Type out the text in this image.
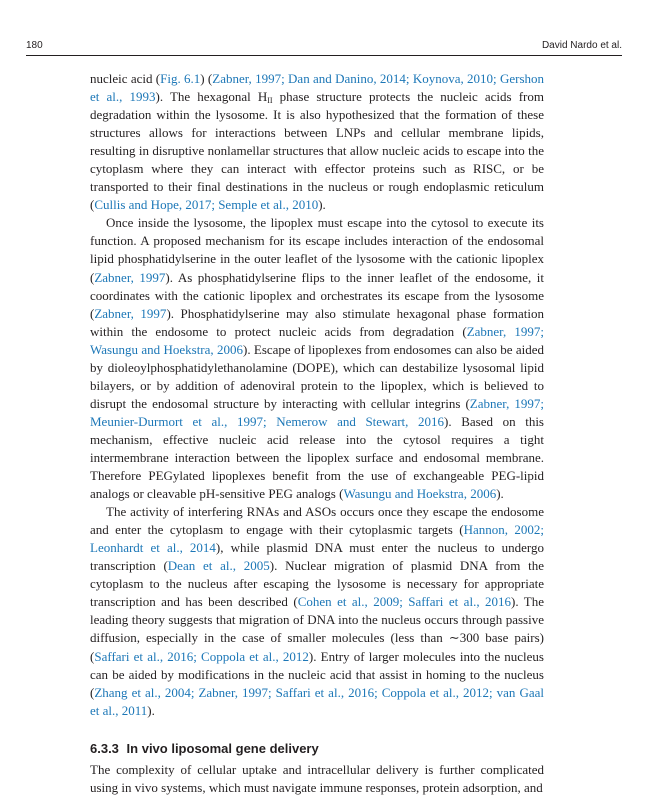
180	David Nardo et al.

nucleic acid (Fig. 6.1) (Zabner, 1997; Dan and Danino, 2014; Koynova, 2010; Gershon et al., 1993). The hexagonal $H_{II}$ phase structure protects the nucleic acids from degradation within the lysosome. It is also hypothesized that the formation of these structures allows for interactions between LNPs and cellular membrane lipids, resulting in disruptive nonlamellar structures that allow nucleic acids to escape into the cytoplasm where they can interact with effector proteins such as RISC, or be transported to their final destinations in the nucleus or rough endoplasmic reticulum (Cullis and Hope, 2017; Semple et al., 2010).

Once inside the lysosome, the lipoplex must escape into the cytosol to execute its function. A proposed mechanism for its escape includes interaction of the endosomal lipid phosphatidylserine in the outer leaflet of the lysosome with the cationic lipoplex (Zabner, 1997). As phosphatidylserine flips to the inner leaflet of the endosome, it coordinates with the cationic lipoplex and orchestrates its escape from the lysosome (Zabner, 1997). Phosphatidylserine may also stimulate hexagonal phase formation within the endosome to protect nucleic acids from degradation (Zabner, 1997; Wasungu and Hoekstra, 2006). Escape of lipoplexes from endosomes can also be aided by dioleoylphosphatidylethanolamine (DOPE), which can destabilize lysosomal lipid bilayers, or by addition of adenoviral protein to the lipoplex, which is believed to disrupt the endosomal structure by interacting with cellular integrins (Zabner, 1997; Meunier-Durmort et al., 1997; Nemerow and Stewart, 2016). Based on this mechanism, effective nucleic acid release into the cytosol requires a tight intermembrane interaction between the lipoplex surface and endosomal membrane. Therefore PEGylated lipoplexes benefit from the use of exchangeable PEG-lipid analogs or cleavable pH-sensitive PEG analogs (Wasungu and Hoekstra, 2006).

The activity of interfering RNAs and ASOs occurs once they escape the endosome and enter the cytoplasm to engage with their cytoplasmic targets (Hannon, 2002; Leonhardt et al., 2014), while plasmid DNA must enter the nucleus to undergo transcription (Dean et al., 2005). Nuclear migration of plasmid DNA from the cytoplasm to the nucleus after escaping the lysosome is necessary for appropriate transcription and has been described (Cohen et al., 2009; Saffari et al., 2016). The leading theory suggests that migration of DNA into the nucleus occurs through passive diffusion, especially in the case of smaller molecules (less than ∼300 base pairs) (Saffari et al., 2016; Coppola et al., 2012). Entry of larger molecules into the nucleus can be aided by modifications in the nucleic acid that assist in homing to the nucleus (Zhang et al., 2004; Zabner, 1997; Saffari et al., 2016; Coppola et al., 2012; van Gaal et al., 2011).

6.3.3 In vivo liposomal gene delivery

The complexity of cellular uptake and intracellular delivery is further complicated using in vivo systems, which must navigate immune responses, protein adsorption, and
